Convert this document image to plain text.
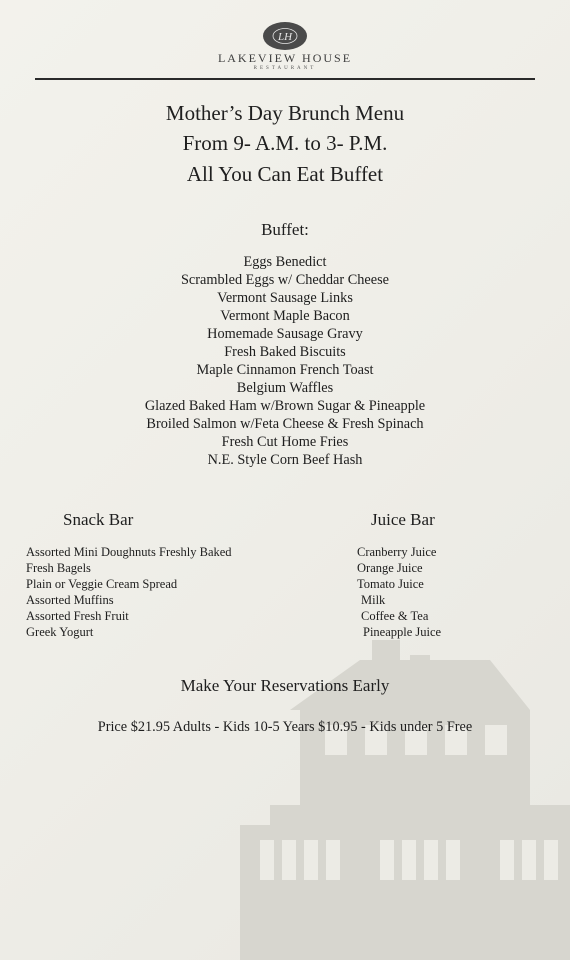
LH
LAKEVIEW HOUSE
RESTAURANT
Mother’s Day Brunch Menu
From 9- A.M. to 3- P.M.
All You Can Eat Buffet
Buffet:
Eggs Benedict
Scrambled Eggs w/ Cheddar Cheese
Vermont Sausage Links
Vermont Maple Bacon
Homemade Sausage Gravy
Fresh Baked Biscuits
Maple Cinnamon French Toast
Belgium Waffles
Glazed Baked Ham w/Brown Sugar & Pineapple
Broiled Salmon w/Feta Cheese & Fresh Spinach
Fresh Cut Home Fries
N.E. Style Corn Beef Hash
Snack Bar
Assorted Mini Doughnuts Freshly Baked
Fresh Bagels
Plain or Veggie Cream Spread
Assorted Muffins
Assorted Fresh Fruit
Greek Yogurt
Juice Bar
Cranberry Juice
Orange Juice
Tomato Juice
Milk
Coffee & Tea
Pineapple Juice
Make Your Reservations Early
Price $21.95 Adults - Kids 10-5 Years $10.95 - Kids under 5 Free
